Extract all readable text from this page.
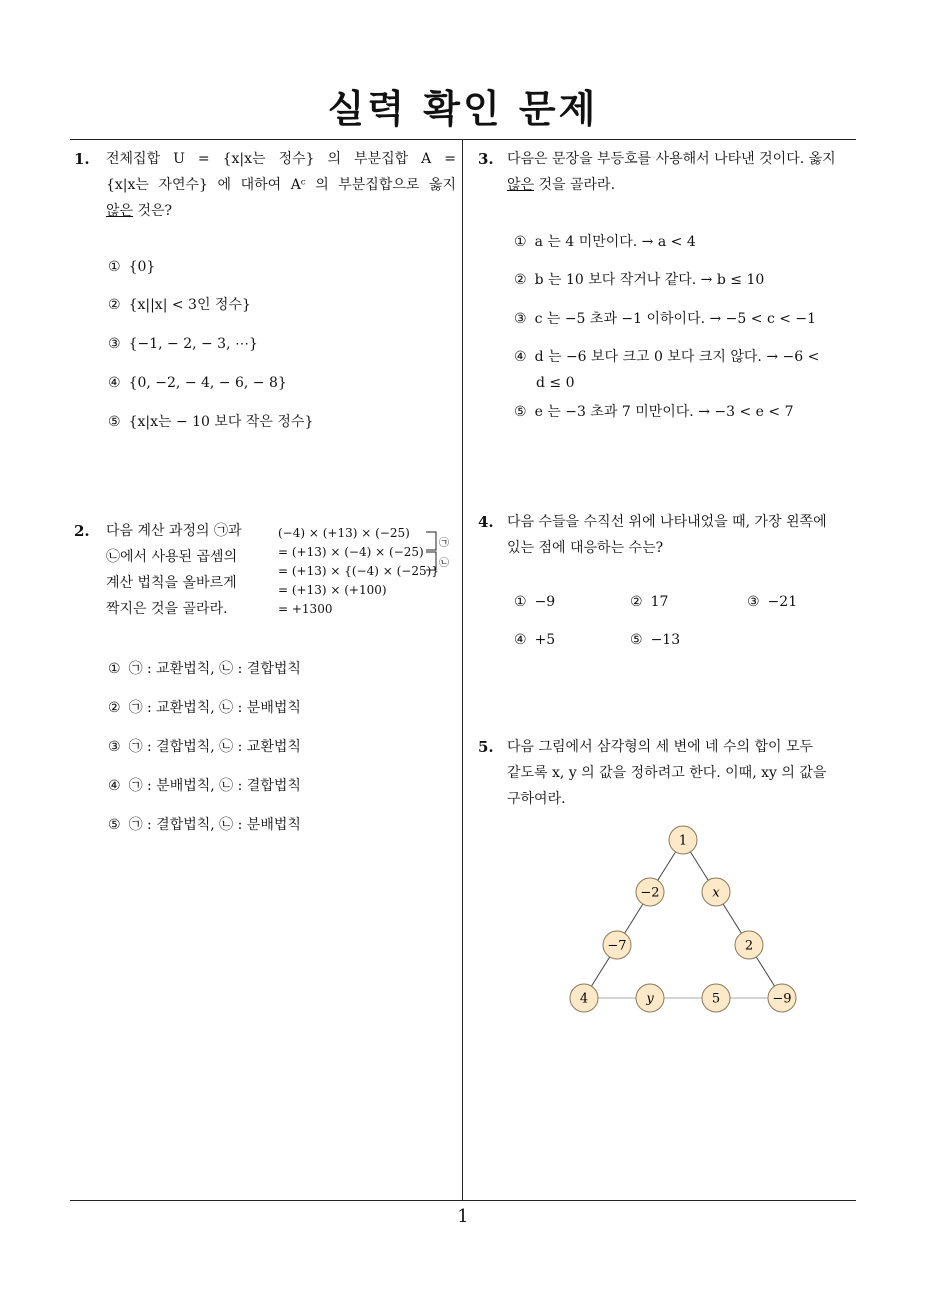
실력 확인 문제
1
1. 전체집합 U = {x|x는 정수} 의 부분집합 A =
{x|x는 자연수} 에 대하여 Aᶜ 의 부분집합으로 옳지
않은 것은?
① {0}
② {x||x| < 3인 정수}
③ {−1, − 2, − 3, ⋯}
④ {0, −2, − 4, − 6, − 8}
⑤ {x|x는 − 10 보다 작은 정수}
2. 다음 계산 과정의 ㉠과
㉡에서 사용된 곱셈의
계산 법칙을 올바르게
짝지은 것을 골라라.
(−4) × (+13) × (−25)
= (+13) × (−4) × (−25)
= (+13) × {(−4) × (−25)}
= (+13) × (+100)
= +1300
㉠
㉡
① ㉠ : 교환법칙, ㉡ : 결합법칙
② ㉠ : 교환법칙, ㉡ : 분배법칙
③ ㉠ : 결합법칙, ㉡ : 교환법칙
④ ㉠ : 분배법칙, ㉡ : 결합법칙
⑤ ㉠ : 결합법칙, ㉡ : 분배법칙
3. 다음은 문장을 부등호를 사용해서 나타낸 것이다. 옳지
않은 것을 골라라.
① a 는 4 미만이다. → a < 4
② b 는 10 보다 작거나 같다. → b ≤ 10
③ c 는 −5 초과 −1 이하이다. → −5 < c < −1
④ d 는 −6 보다 크고 0 보다 크지 않다. → −6 <
d ≤ 0
⑤ e 는 −3 초과 7 미만이다. → −3 < e < 7
4. 다음 수들을 수직선 위에 나타내었을 때, 가장 왼쪽에
있는 점에 대응하는 수는?
① −9	② 17	③ −21
④ +5	⑤ −13
5. 다음 그림에서 삼각형의 세 변에 네 수의 합이 모두
같도록 x, y 의 값을 정하려고 한다. 이때, xy 의 값을
구하여라.
1
−2	x
−7	2
4	y	5	−9
